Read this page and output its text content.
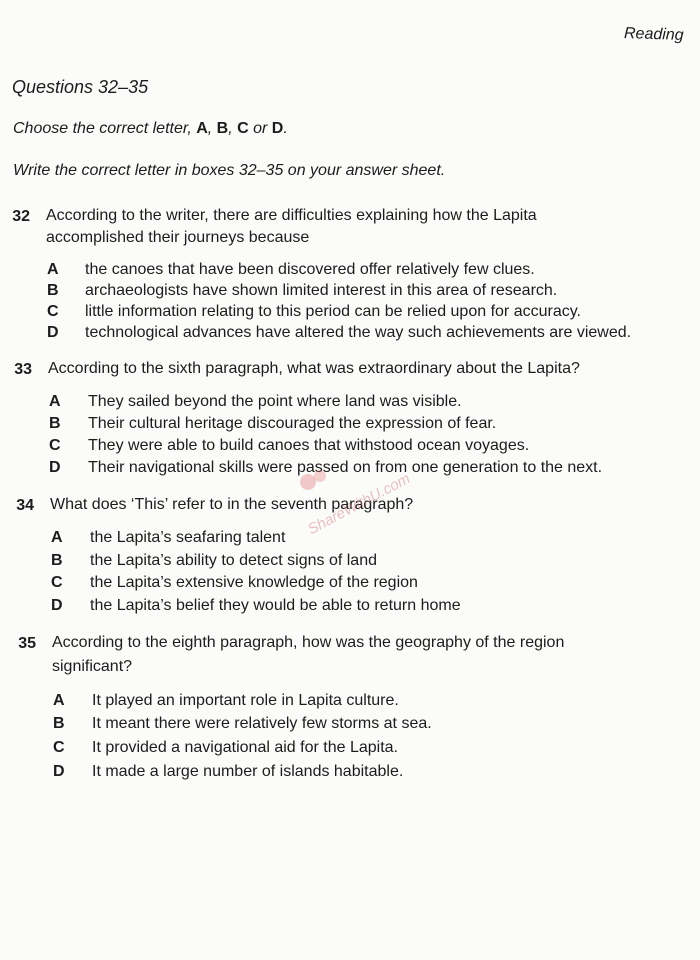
Reading
Questions 32–35
Choose the correct letter, A, B, C or D.
Write the correct letter in boxes 32–35 on your answer sheet.
32 According to the writer, there are difficulties explaining how the Lapita
accomplished their journeys because
A the canoes that have been discovered offer relatively few clues.
B archaeologists have shown limited interest in this area of research.
C little information relating to this period can be relied upon for accuracy.
D technological advances have altered the way such achievements are viewed.
33 According to the sixth paragraph, what was extraordinary about the Lapita?
A They sailed beyond the point where land was visible.
B Their cultural heritage discouraged the expression of fear.
C They were able to build canoes that withstood ocean voyages.
D Their navigational skills were passed on from one generation to the next.
34 What does ‘This’ refer to in the seventh paragraph?
A the Lapita’s seafaring talent
B the Lapita’s ability to detect signs of land
C the Lapita’s extensive knowledge of the region
D the Lapita’s belief they would be able to return home
35 According to the eighth paragraph, how was the geography of the region
significant?
A It played an important role in Lapita culture.
B It meant there were relatively few storms at sea.
C It provided a navigational aid for the Lapita.
D It made a large number of islands habitable.
ShareWithU.com
